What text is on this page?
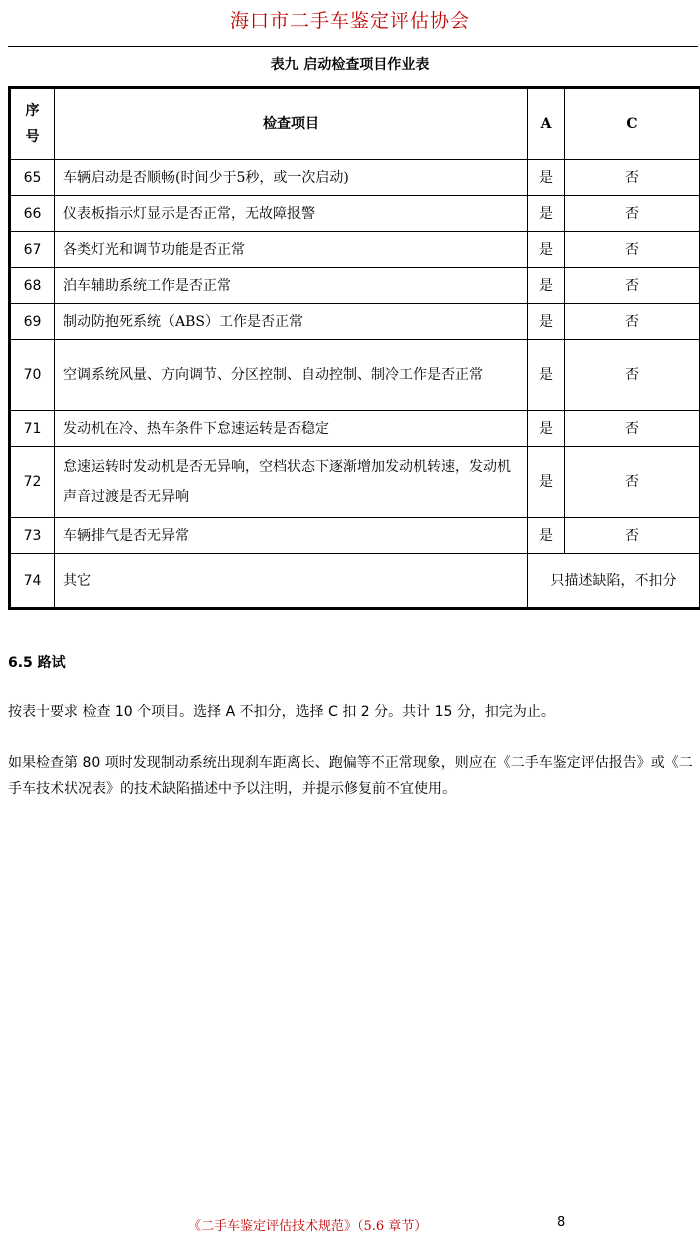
海口市二手车鉴定评估协会
表九 启动检查项目作业表
序
号	检查项目	A	C
65	车辆启动是否顺畅(时间少于5秒，或一次启动)	是	否
66	仪表板指示灯显示是否正常，无故障报警	是	否
67	各类灯光和调节功能是否正常	是	否
68	泊车辅助系统工作是否正常	是	否
69	制动防抱死系统（ABS）工作是否正常	是	否
70	空调系统风量、方向调节、分区控制、自动控制、制冷工作是否正常	是	否
71	发动机在冷、热车条件下怠速运转是否稳定	是	否
72	怠速运转时发动机是否无异响，空档状态下逐渐增加发动机转速，发动机声音过渡是否无异响	是	否
73	车辆排气是否无异常	是	否
74	其它	只描述缺陷，不扣分	
6.5 路试
按表十要求 检查 10 个项目。选择 A 不扣分，选择 C 扣 2 分。共计 15 分，扣完为止。
如果检查第 80 项时发现制动系统出现刹车距离长、跑偏等不正常现象，则应在《二手车鉴定评估报告》或《二手车技术状况表》的技术缺陷描述中予以注明，并提示修复前不宜使用。
《二手车鉴定评估技术规范》（5.6 章节）	8
